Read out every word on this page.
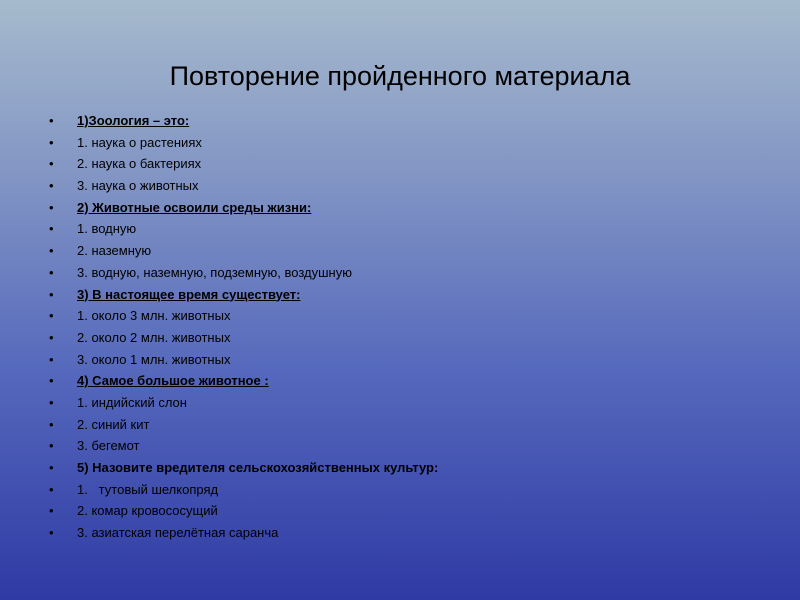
Повторение пройденного материала
• 1)Зоология – это:
• 1. наука о растениях
• 2. наука о бактериях
• 3. наука о животных
• 2) Животные освоили среды жизни:
• 1. водную
• 2. наземную
• 3. водную, наземную, подземную, воздушную
• 3) В настоящее время существует:
• 1. около 3 млн. животных
• 2. около 2 млн. животных
• 3. около 1 млн. животных
• 4) Самое большое животное :
• 1. индийский слон
• 2. синий кит
• 3. бегемот
• 5) Назовите вредителя сельскохозяйственных культур:
• 1.   тутовый шелкопряд
• 2. комар кровососущий
• 3. азиатская перелётная саранча
